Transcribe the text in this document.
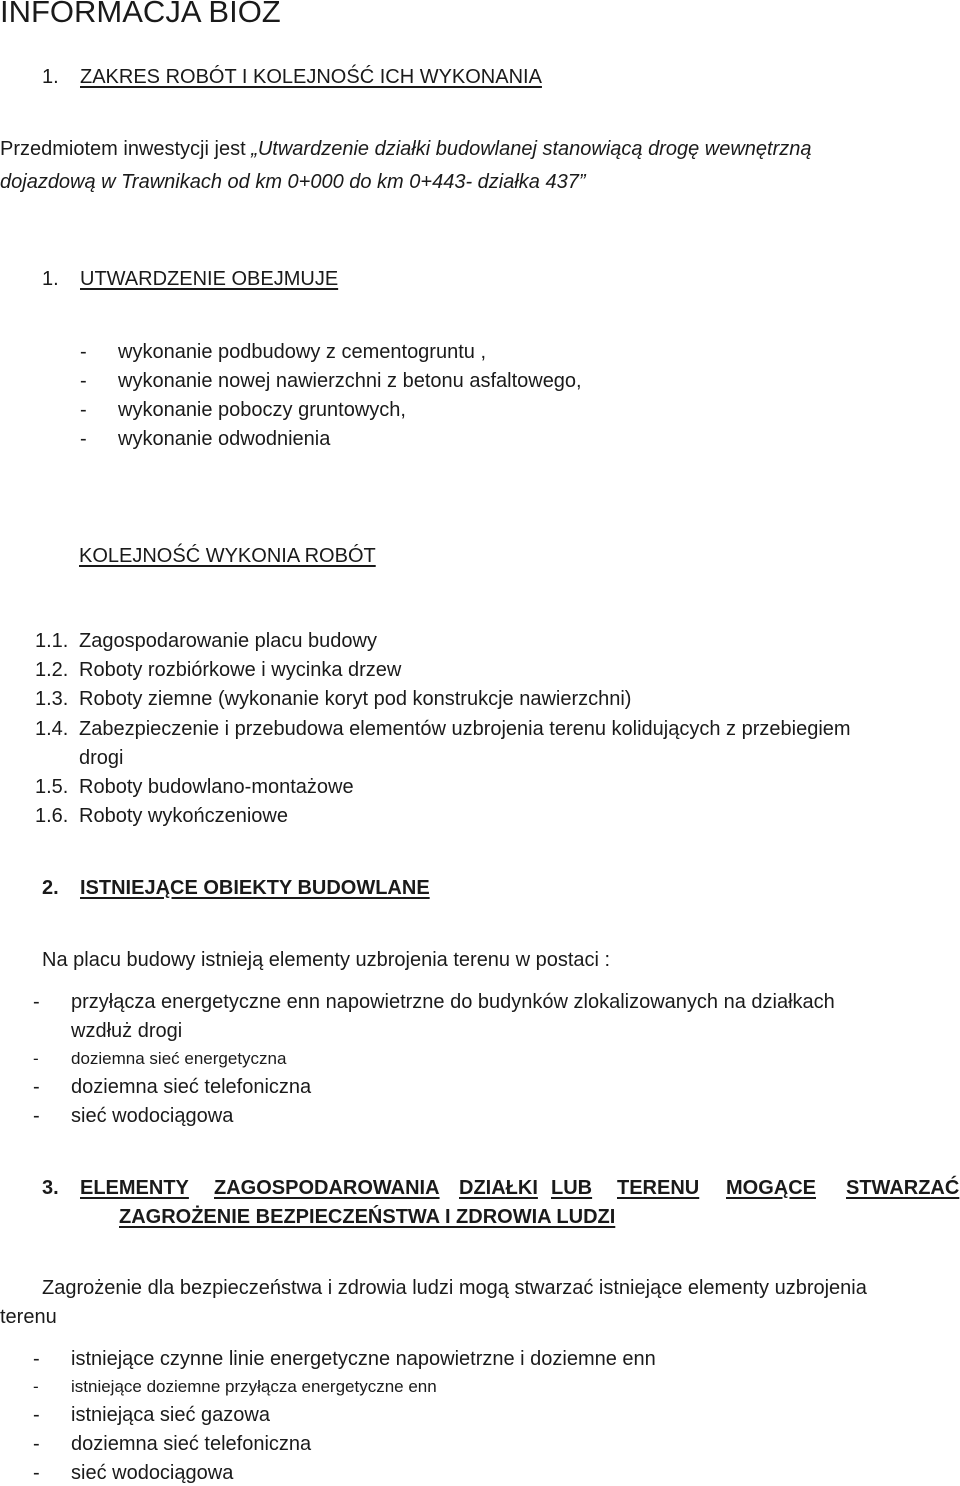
INFORMACJA BIOZ
1. ZAKRES ROBÓT I KOLEJNOŚĆ ICH WYKONANIA
Przedmiotem inwestycji jest „Utwardzenie działki budowlanej stanowiącą drogę wewnętrzną
dojazdową w Trawnikach od km 0+000 do km 0+443- działka 437”
1. UTWARDZENIE OBEJMUJE
- wykonanie podbudowy z cementogruntu ,
- wykonanie nowej nawierzchni z betonu asfaltowego,
- wykonanie poboczy gruntowych,
- wykonanie odwodnienia
KOLEJNOŚĆ WYKONIA ROBÓT
1.1. Zagospodarowanie placu budowy
1.2. Roboty rozbiórkowe i wycinka drzew
1.3. Roboty ziemne (wykonanie koryt pod konstrukcje nawierzchni)
1.4. Zabezpieczenie i przebudowa elementów uzbrojenia terenu kolidujących z przebiegiem
drogi
1.5. Roboty budowlano-montażowe
1.6. Roboty wykończeniowe
2. ISTNIEJĄCE OBIEKTY BUDOWLANE
Na placu budowy istnieją elementy uzbrojenia terenu w postaci :
- przyłącza energetyczne enn napowietrzne do budynków zlokalizowanych na działkach
wzdłuż drogi
- doziemna sieć energetyczna
- doziemna sieć telefoniczna
- sieć wodociągowa
3. ELEMENTY ZAGOSPODAROWANIA DZIAŁKI LUB TERENU MOGĄCE STWARZAĆ
ZAGROŻENIE BEZPIECZEŃSTWA I ZDROWIA LUDZI
Zagrożenie dla bezpieczeństwa i zdrowia ludzi mogą stwarzać istniejące elementy uzbrojenia
terenu
- istniejące czynne linie energetyczne napowietrzne i doziemne enn
- istniejące doziemne przyłącza energetyczne enn
- istniejąca sieć gazowa
- doziemna sieć telefoniczna
- sieć wodociągowa
